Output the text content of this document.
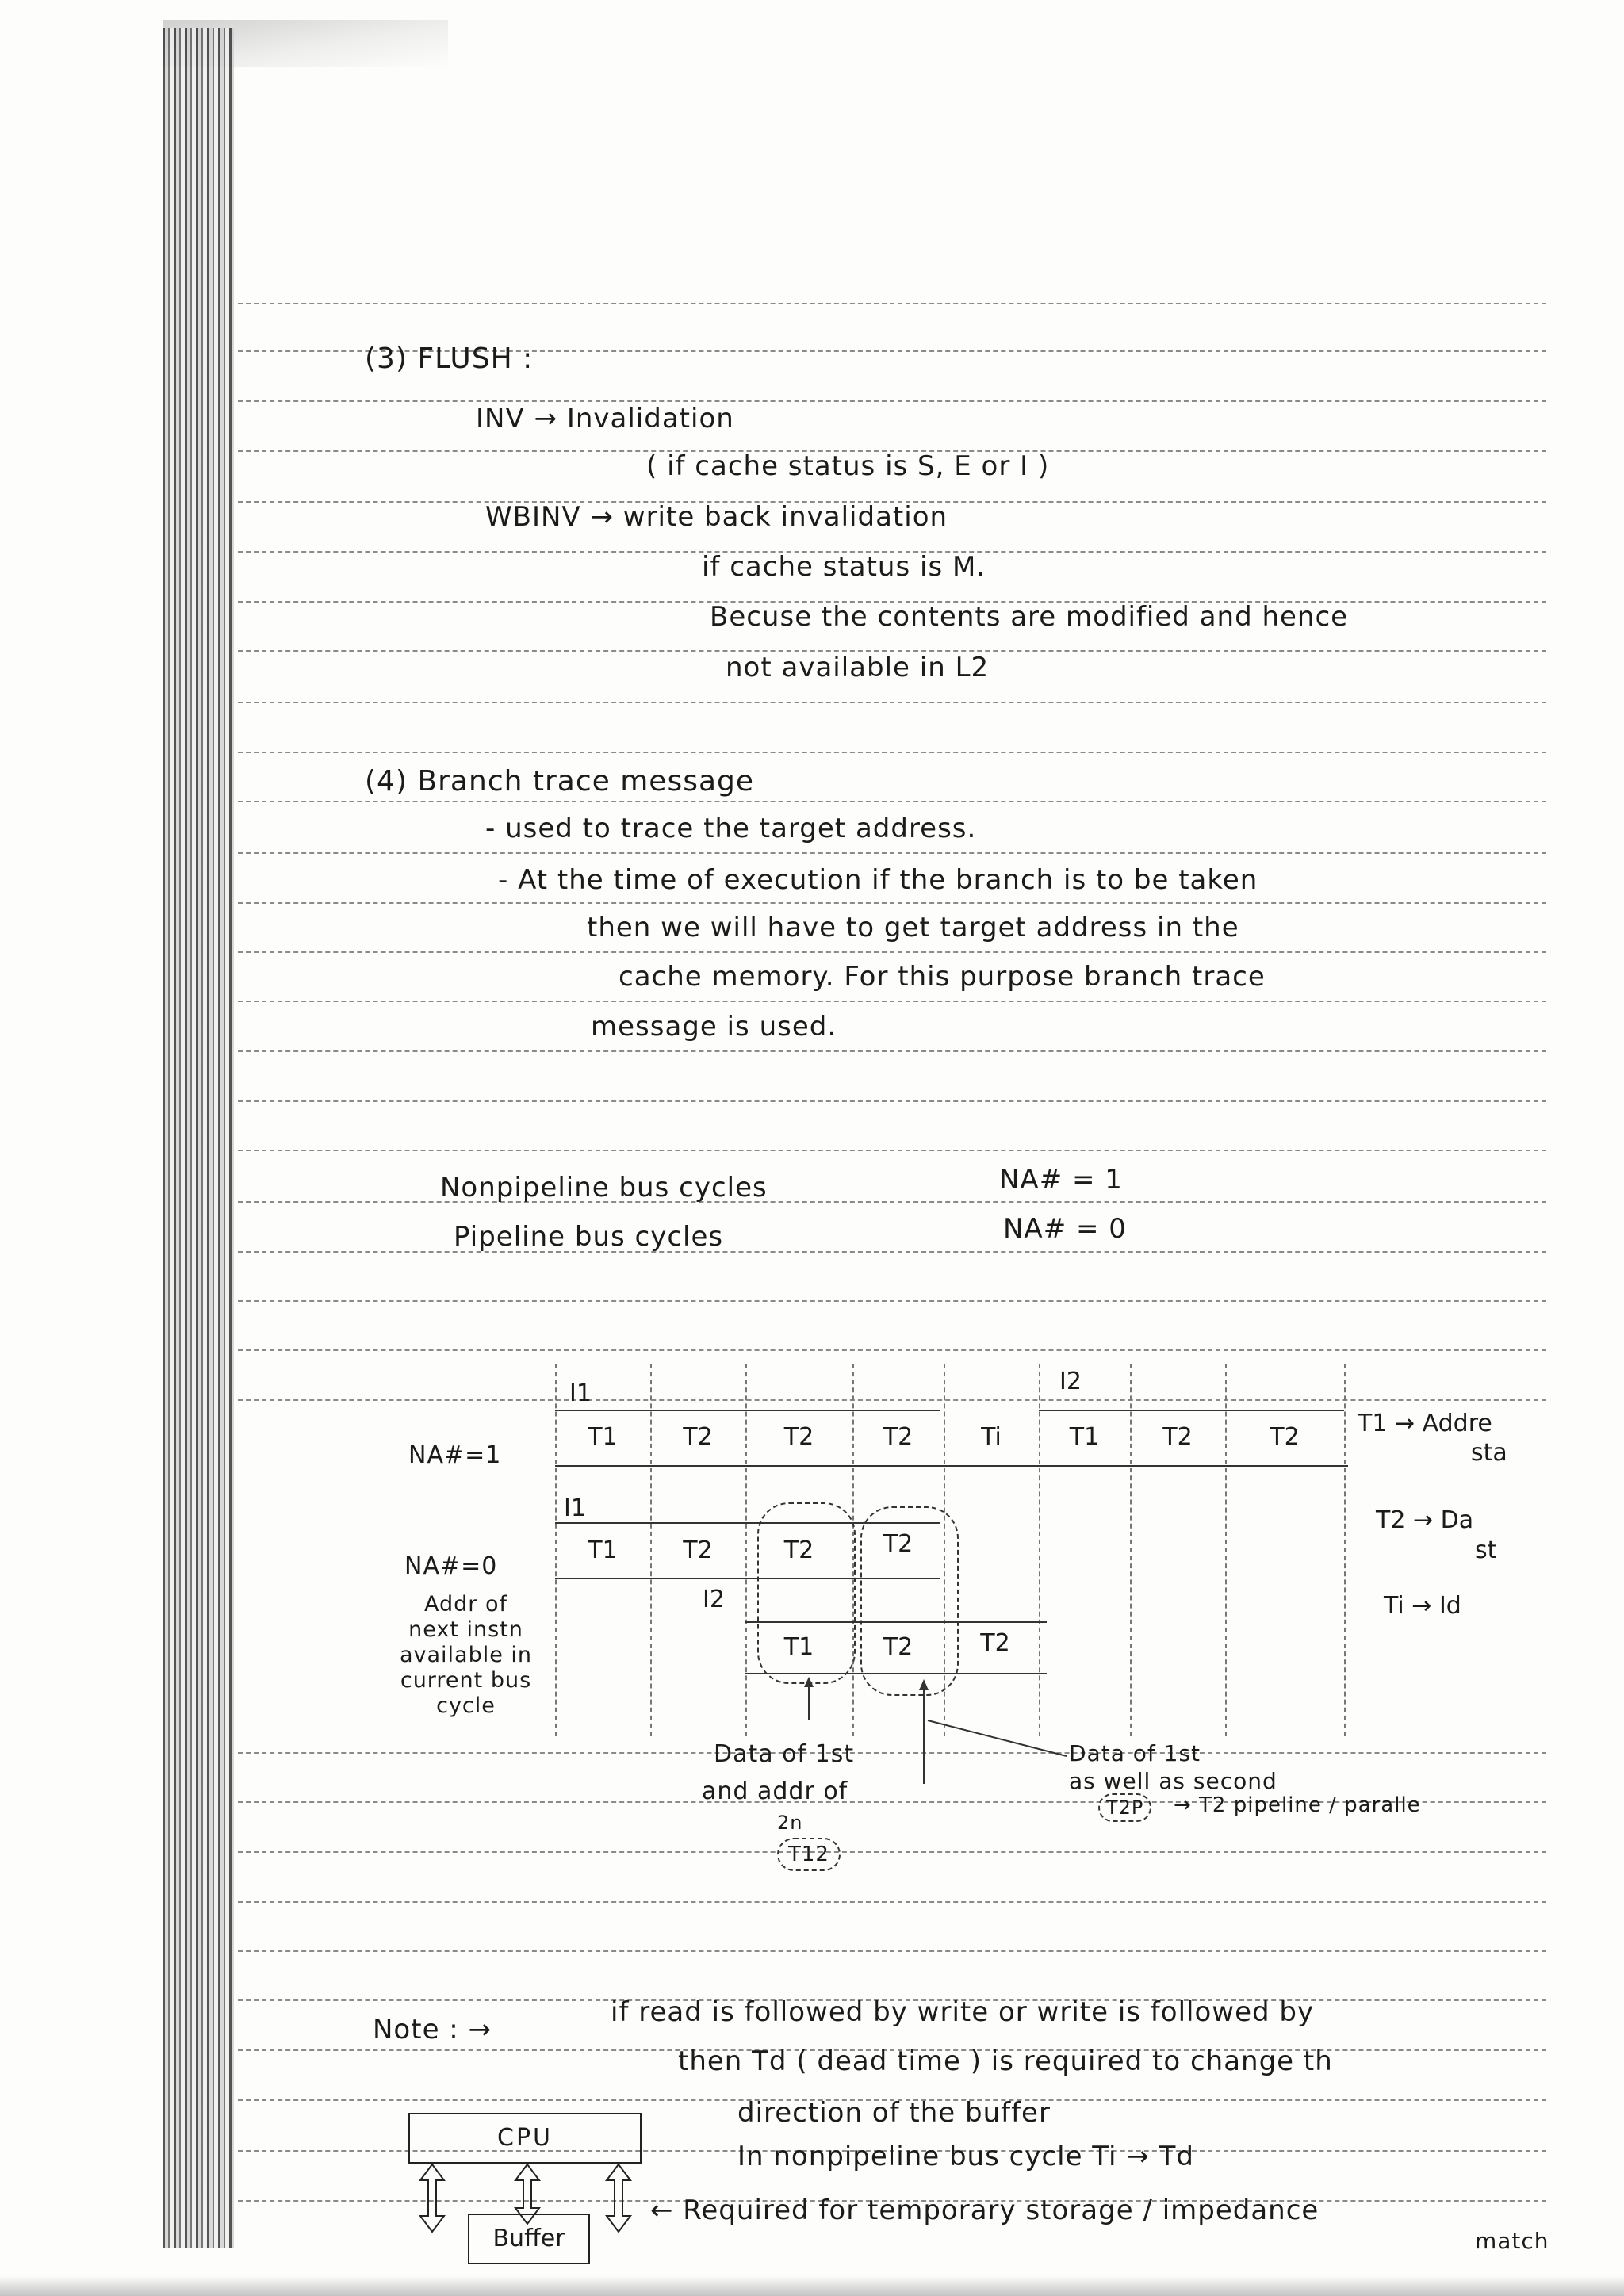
(3) FLUSH :
INV → Invalidation
( if cache status is S, E or I )
WBINV → write back invalidation
if cache status is M.
Becuse the contents are modified and hence
not available in L2
(4) Branch trace message
- used to trace the target address.
- At the time of execution if the branch is to be taken
then we will have to get target address in the
cache memory. For this purpose branch trace
message is used.
Nonpipeline bus cycles	NA# = 1
Pipeline bus cycles	NA# = 0
I1	I2
NA#=1
T1	T2	T2	T2	Ti	T1	T2	T2
I1
NA#=0
T1	T2	T2	T2
I2
T1	T2	T2
Addr of next instn available in current bus cycle
Data of 1st
and addr of
2n
T12
Data of 1st
as well as second
T2P	→ T2 pipeline / paralle
T1 → Addre
sta
T2 → Da
st
Ti → Id
Note : →
if read is followed by write or write is followed by
then Td ( dead time ) is required to change th
direction of the buffer
In nonpipeline bus cycle Ti → Td
← Required for temporary storage / impedance
match
CPU
Buffer
